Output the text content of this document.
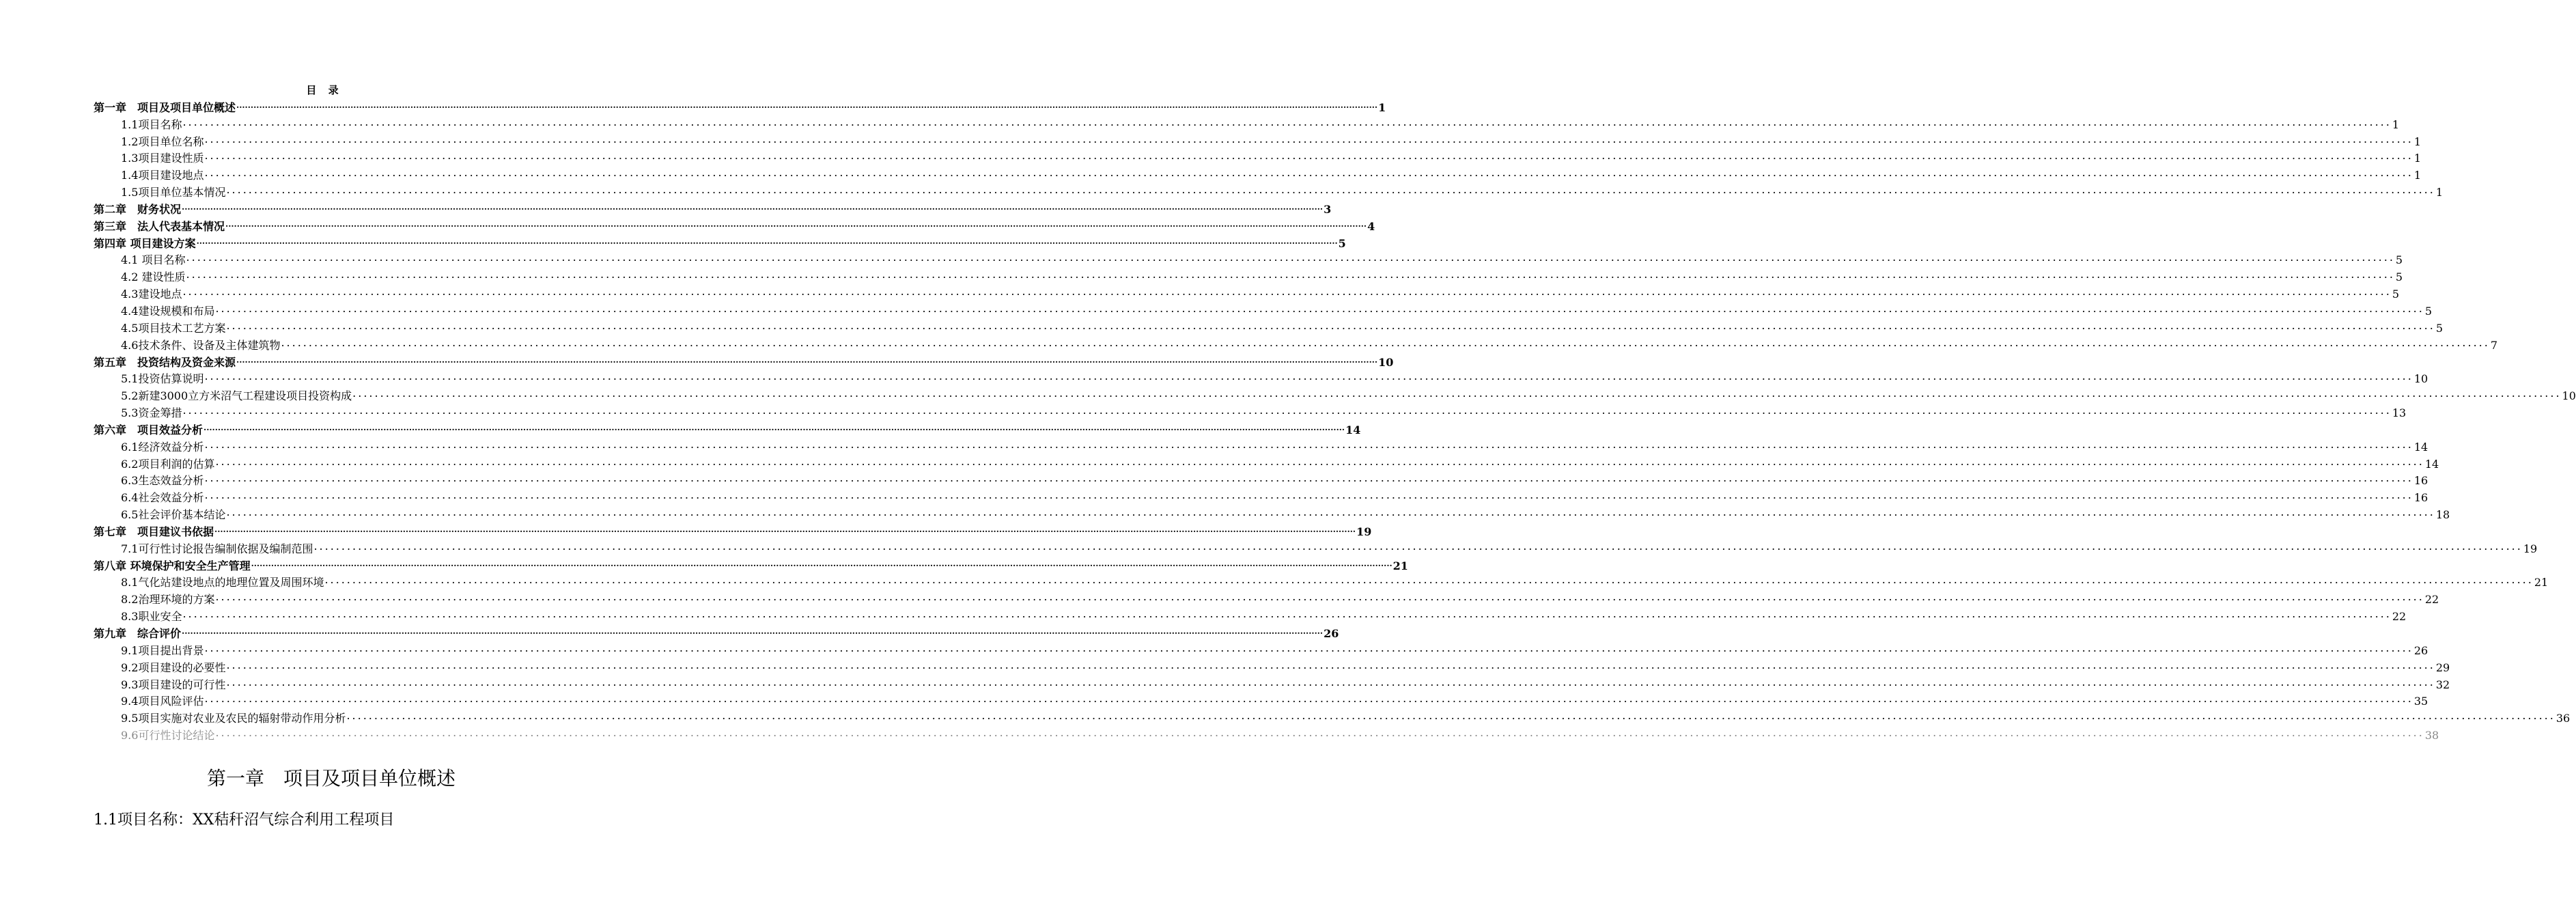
目 录
第一章　项目及项目单位概述 ................................................................................................................................................................................................................................................................................................................................................................................................................ 1
1.1项目名称 ................................................................................................................................................................................................................................................................................................................................................................................................................ 1
1.2项目单位名称 ................................................................................................................................................................................................................................................................................................................................................................................................................ 1
1.3项目建设性质 ................................................................................................................................................................................................................................................................................................................................................................................................................ 1
1.4项目建设地点 ................................................................................................................................................................................................................................................................................................................................................................................................................ 1
1.5项目单位基本情况 ................................................................................................................................................................................................................................................................................................................................................................................................................ 1
第二章　财务状况 ................................................................................................................................................................................................................................................................................................................................................................................................................ 3
第三章　法人代表基本情况 ................................................................................................................................................................................................................................................................................................................................................................................................................ 4
第四章 项目建设方案 ................................................................................................................................................................................................................................................................................................................................................................................................................ 5
4.1 项目名称 ................................................................................................................................................................................................................................................................................................................................................................................................................ 5
4.2 建设性质 ................................................................................................................................................................................................................................................................................................................................................................................................................ 5
4.3建设地点 ................................................................................................................................................................................................................................................................................................................................................................................................................ 5
4.4建设规模和布局 ................................................................................................................................................................................................................................................................................................................................................................................................................ 5
4.5项目技术工艺方案 ................................................................................................................................................................................................................................................................................................................................................................................................................ 5
4.6技术条件、设备及主体建筑物 ................................................................................................................................................................................................................................................................................................................................................................................................................ 7
第五章　投资结构及资金来源 ................................................................................................................................................................................................................................................................................................................................................................................................................ 10
5.1投资估算说明 ................................................................................................................................................................................................................................................................................................................................................................................................................ 10
5.2新建3000立方米沼气工程建设项目投资构成 ................................................................................................................................................................................................................................................................................................................................................................................................................ 10
5.3资金筹措 ................................................................................................................................................................................................................................................................................................................................................................................................................ 13
第六章　项目效益分析 ................................................................................................................................................................................................................................................................................................................................................................................................................ 14
6.1经济效益分析 ................................................................................................................................................................................................................................................................................................................................................................................................................ 14
6.2项目利润的估算 ................................................................................................................................................................................................................................................................................................................................................................................................................ 14
6.3生态效益分析 ................................................................................................................................................................................................................................................................................................................................................................................................................ 16
6.4社会效益分析 ................................................................................................................................................................................................................................................................................................................................................................................................................ 16
6.5社会评价基本结论 ................................................................................................................................................................................................................................................................................................................................................................................................................ 18
第七章　项目建议书依据 ................................................................................................................................................................................................................................................................................................................................................................................................................ 19
7.1可行性讨论报告编制依据及编制范围 ................................................................................................................................................................................................................................................................................................................................................................................................................ 19
第八章 环境保护和安全生产管理 ................................................................................................................................................................................................................................................................................................................................................................................................................ 21
8.1气化站建设地点的地理位置及周围环境 ................................................................................................................................................................................................................................................................................................................................................................................................................ 21
8.2治理环境的方案 ................................................................................................................................................................................................................................................................................................................................................................................................................ 22
8.3职业安全 ................................................................................................................................................................................................................................................................................................................................................................................................................ 22
第九章　综合评价 ................................................................................................................................................................................................................................................................................................................................................................................................................ 26
9.1项目提出背景 ................................................................................................................................................................................................................................................................................................................................................................................................................ 26
9.2项目建设的必要性 ................................................................................................................................................................................................................................................................................................................................................................................................................ 29
9.3项目建设的可行性 ................................................................................................................................................................................................................................................................................................................................................................................................................ 32
9.4项目风险评估 ................................................................................................................................................................................................................................................................................................................................................................................................................ 35
9.5项目实施对农业及农民的辐射带动作用分析 ................................................................................................................................................................................................................................................................................................................................................................................................................ 36
9.6可行性讨论结论 ................................................................................................................................................................................................................................................................................................................................................................................................................ 38
第一章　项目及项目单位概述
1.1项目名称：XX秸秆沼气综合利用工程项目
